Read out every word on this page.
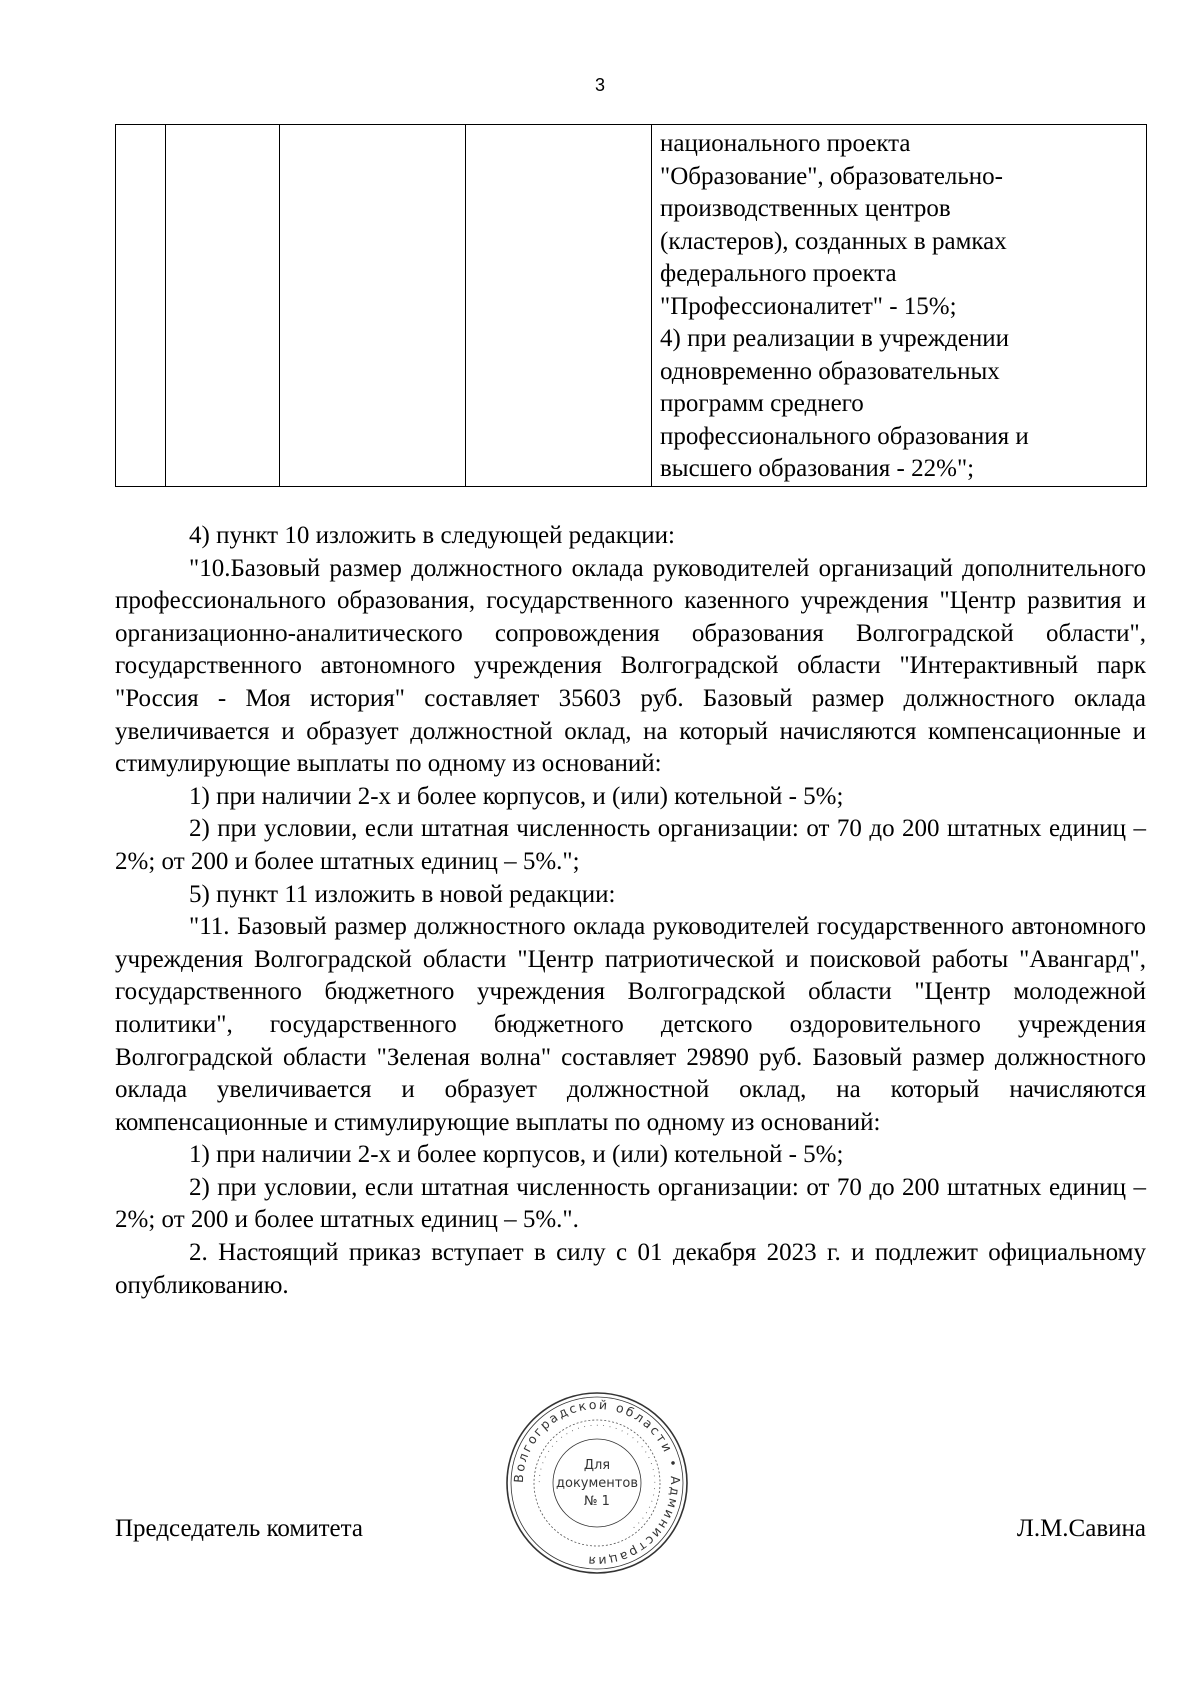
3

национального проекта
"Образование", образовательно-
производственных центров
(кластеров), созданных в рамках
федерального проекта
"Профессионалитет" - 15%;
4) при реализации в учреждении
одновременно образовательных
программ среднего
профессионального образования и
высшего образования - 22%";

4) пункт 10 изложить в следующей редакции:

"10.Базовый размер должностного оклада руководителей организаций дополнительного профессионального образования, государственного казенного учреждения "Центр развития и организационно-аналитического сопровождения образования Волгоградской области", государственного автономного учреждения Волгоградской области "Интерактивный парк "Россия - Моя история" составляет 35603 руб. Базовый размер должностного оклада увеличивается и образует должностной оклад, на который начисляются компенсационные и стимулирующие выплаты по одному из оснований:

1) при наличии 2-х и более корпусов, и (или) котельной - 5%;

2) при условии, если штатная численность организации: от 70 до 200 штатных единиц – 2%; от 200 и более штатных единиц – 5%.";

5) пункт 11 изложить в новой редакции:

"11. Базовый размер должностного оклада руководителей государственного автономного учреждения Волгоградской области "Центр патриотической и поисковой работы "Авангард", государственного бюджетного учреждения Волгоградской области "Центр молодежной политики", государственного бюджетного детского оздоровительного учреждения Волгоградской области "Зеленая волна" составляет 29890 руб. Базовый размер должностного оклада увеличивается и образует должностной оклад, на который начисляются компенсационные и стимулирующие выплаты по одному из оснований:

1) при наличии 2-х и более корпусов, и (или) котельной - 5%;

2) при условии, если штатная численность организации: от 70 до 200 штатных единиц – 2%; от 200 и более штатных единиц – 5%.".

2. Настоящий приказ вступает в силу с 01 декабря 2023 г. и подлежит официальному опубликованию.

Председатель комитета	Л.М.Савина
Волгоградской области • Администрация
· · · · · · · · · · · · · · · · · · · · · · · · · · · · · · · · · · · · ·
Для
документов
№ 1
